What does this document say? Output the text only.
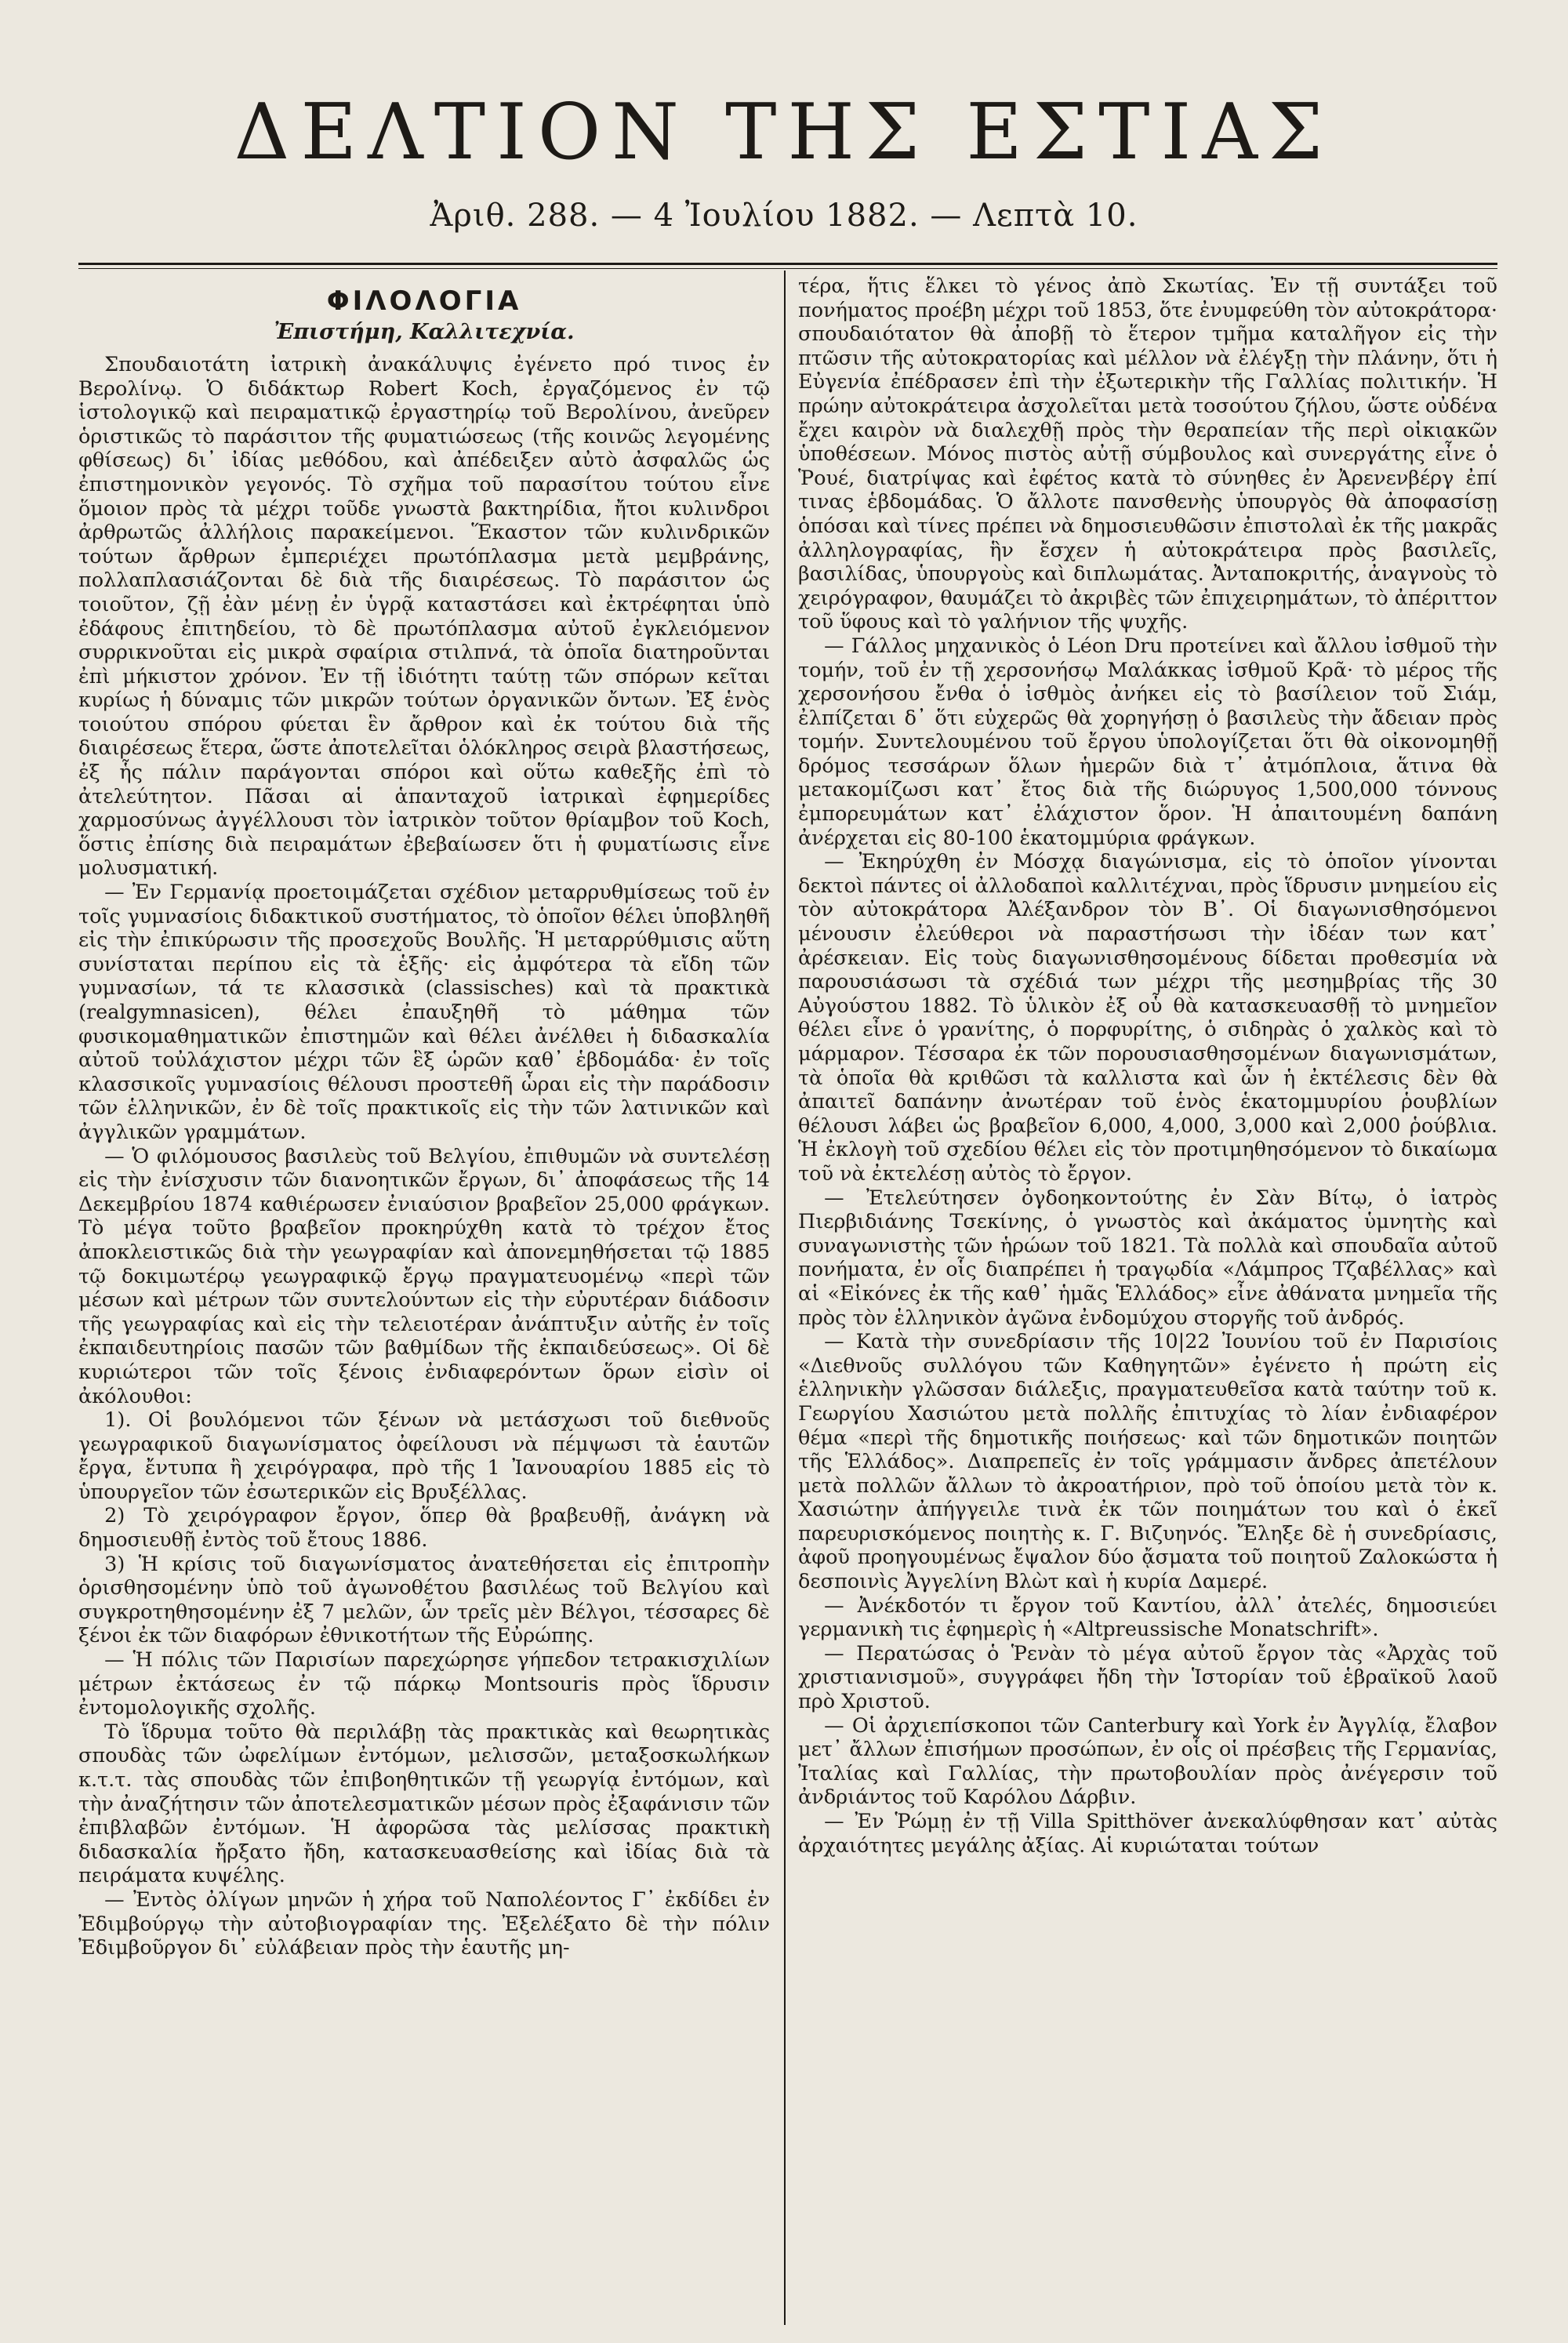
ΔΕΛΤΙΟΝ ΤΗΣ ΕΣΤΙΑΣ
Ἀριθ. 288. — 4 Ἰουλίου 1882. — Λεπτὰ 10.
ΦΙΛΟΛΟΓΙΑ
Ἐπιστήμη, Καλλιτεχνία.

Σπουδαιοτάτη ἰατρικὴ ἀνακάλυψις ἐγένετο πρό τινος ἐν Βερολίνῳ. Ὁ διδάκτωρ Robert Koch, ἐργαζόμενος ἐν τῷ ἱστολογικῷ καὶ πειραματικῷ ἐργαστηρίῳ τοῦ Βερολίνου, ἀνεῦρεν ὁριστικῶς τὸ παράσιτον τῆς φυματιώσεως (τῆς κοινῶς λεγομένης φθίσεως) δι᾽ ἰδίας μεθόδου, καὶ ἀπέδειξεν αὐτὸ ἀσφαλῶς ὡς ἐπιστημονικὸν γεγονός. Τὸ σχῆμα τοῦ παρασίτου τούτου εἶνε ὅμοιον πρὸς τὰ μέχρι τοῦδε γνωστὰ βακτηρίδια, ἤτοι κυλινδροι ἀρθρωτῶς ἀλλήλοις παρακείμενοι. Ἕκαστον τῶν κυλινδρικῶν τούτων ἄρθρων ἐμπεριέχει πρωτόπλασμα μετὰ μεμβράνης, πολλαπλασιάζονται δὲ διὰ τῆς διαιρέσεως. Τὸ παράσιτον ὡς τοιοῦτον, ζῇ ἐὰν μένῃ ἐν ὑγρᾷ καταστάσει καὶ ἐκτρέφηται ὑπὸ ἐδάφους ἐπιτηδείου, τὸ δὲ πρωτόπλασμα αὐτοῦ ἐγκλειόμενον συρρικνοῦται εἰς μικρὰ σφαίρια στιλπνά, τὰ ὁποῖα διατηροῦνται ἐπὶ μήκιστον χρόνον. Ἐν τῇ ἰδιότητι ταύτῃ τῶν σπόρων κεῖται κυρίως ἡ δύναμις τῶν μικρῶν τούτων ὀργανικῶν ὄντων. Ἐξ ἑνὸς τοιούτου σπόρου φύεται ἓν ἄρθρον καὶ ἐκ τούτου διὰ τῆς διαιρέσεως ἕτερα, ὥστε ἀποτελεῖται ὁλόκληρος σειρὰ βλαστήσεως, ἐξ ἧς πάλιν παράγονται σπόροι καὶ οὕτω καθεξῆς ἐπὶ τὸ ἀτελεύτητον. Πᾶσαι αἱ ἁπανταχοῦ ἰατρικαὶ ἐφημερίδες χαρμοσύνως ἀγγέλλουσι τὸν ἰατρικὸν τοῦτον θρίαμβον τοῦ Koch, ὅστις ἐπίσης διὰ πειραμάτων ἐβεβαίωσεν ὅτι ἡ φυματίωσις εἶνε μολυσματική.

— Ἐν Γερμανίᾳ προετοιμάζεται σχέδιον μεταρρυθμίσεως τοῦ ἐν τοῖς γυμνασίοις διδακτικοῦ συστήματος, τὸ ὁποῖον θέλει ὑποβληθῆ εἰς τὴν ἐπικύρωσιν τῆς προσεχοῦς Βουλῆς. Ἡ μεταρρύθμισις αὕτη συνίσταται περίπου εἰς τὰ ἑξῆς· εἰς ἀμφότερα τὰ εἴδη τῶν γυμνασίων, τά τε κλασσικὰ (classisches) καὶ τὰ πρακτικὰ (realgymnasicen), θέλει ἐπαυξηθῆ τὸ μάθημα τῶν φυσικομαθηματικῶν ἐπιστημῶν καὶ θέλει ἀνέλθει ἡ διδασκαλία αὐτοῦ τοὐλάχιστον μέχρι τῶν ἓξ ὡρῶν καθ᾽ ἑβδομάδα· ἐν τοῖς κλασσικοῖς γυμνασίοις θέλουσι προστεθῆ ὧραι εἰς τὴν παράδοσιν τῶν ἑλληνικῶν, ἐν δὲ τοῖς πρακτικοῖς εἰς τὴν τῶν λατινικῶν καὶ ἀγγλικῶν γραμμάτων.

— Ὁ φιλόμουσος βασιλεὺς τοῦ Βελγίου, ἐπιθυμῶν νὰ συντελέσῃ εἰς τὴν ἐνίσχυσιν τῶν διανοητικῶν ἔργων, δι᾽ ἀποφάσεως τῆς 14 Δεκεμβρίου 1874 καθιέρωσεν ἐνιαύσιον βραβεῖον 25,000 φράγκων. Τὸ μέγα τοῦτο βραβεῖον προκηρύχθη κατὰ τὸ τρέχον ἔτος ἀποκλειστικῶς διὰ τὴν γεωγραφίαν καὶ ἀπονεμηθήσεται τῷ 1885 τῷ δοκιμωτέρῳ γεωγραφικῷ ἔργῳ πραγματευομένῳ «περὶ τῶν μέσων καὶ μέτρων τῶν συντελούντων εἰς τὴν εὐρυτέραν διάδοσιν τῆς γεωγραφίας καὶ εἰς τὴν τελειοτέραν ἀνάπτυξιν αὐτῆς ἐν τοῖς ἐκπαιδευτηρίοις πασῶν τῶν βαθμίδων τῆς ἐκπαιδεύσεως». Οἱ δὲ κυριώτεροι τῶν τοῖς ξένοις ἐνδιαφερόντων ὅρων εἰσὶν οἱ ἀκόλουθοι:

1). Οἱ βουλόμενοι τῶν ξένων νὰ μετάσχωσι τοῦ διεθνοῦς γεωγραφικοῦ διαγωνίσματος ὀφείλουσι νὰ πέμψωσι τὰ ἑαυτῶν ἔργα, ἔντυπα ἢ χειρόγραφα, πρὸ τῆς 1 Ἰανουαρίου 1885 εἰς τὸ ὑπουργεῖον τῶν ἐσωτερικῶν εἰς Βρυξέλλας.

2) Τὸ χειρόγραφον ἔργον, ὅπερ θὰ βραβευθῇ, ἀνάγκη νὰ δημοσιευθῇ ἐντὸς τοῦ ἔτους 1886.

3) Ἡ κρίσις τοῦ διαγωνίσματος ἀνατεθήσεται εἰς ἐπιτροπὴν ὁρισθησομένην ὑπὸ τοῦ ἀγωνοθέτου βασιλέως τοῦ Βελγίου καὶ συγκροτηθησομένην ἐξ 7 μελῶν, ὧν τρεῖς μὲν Βέλγοι, τέσσαρες δὲ ξένοι ἐκ τῶν διαφόρων ἐθνικοτήτων τῆς Εὐρώπης.

— Ἡ πόλις τῶν Παρισίων παρεχώρησε γήπεδον τετρακισχιλίων μέτρων ἐκτάσεως ἐν τῷ πάρκῳ Montsouris πρὸς ἵδρυσιν ἐντομολογικῆς σχολῆς.

Τὸ ἵδρυμα τοῦτο θὰ περιλάβῃ τὰς πρακτικὰς καὶ θεωρητικὰς σπουδὰς τῶν ὠφελίμων ἐντόμων, μελισσῶν, μεταξοσκωλήκων κ.τ.τ. τὰς σπουδὰς τῶν ἐπιβοηθητικῶν τῇ γεωργίᾳ ἐντόμων, καὶ τὴν ἀναζήτησιν τῶν ἀποτελεσματικῶν μέσων πρὸς ἐξαφάνισιν τῶν ἐπιβλαβῶν ἐντόμων. Ἡ ἀφορῶσα τὰς μελίσσας πρακτικὴ διδασκαλία ἤρξατο ἤδη, κατασκευασθείσης καὶ ἰδίας διὰ τὰ πειράματα κυψέλης.

— Ἐντὸς ὀλίγων μηνῶν ἡ χήρα τοῦ Ναπολέοντος Γ᾽ ἐκδίδει ἐν Ἐδιμβούργῳ τὴν αὐτοβιογραφίαν της. Ἐξελέξατο δὲ τὴν πόλιν Ἐδιμβοῦργον δι᾽ εὐλάβειαν πρὸς τὴν ἑαυτῆς μη-

τέρα, ἥτις ἕλκει τὸ γένος ἀπὸ Σκωτίας. Ἐν τῇ συντάξει τοῦ πονήματος προέβη μέχρι τοῦ 1853, ὅτε ἐνυμφεύθη τὸν αὐτοκράτορα· σπουδαιότατον θὰ ἀποβῇ τὸ ἕτερον τμῆμα καταλῆγον εἰς τὴν πτῶσιν τῆς αὐτοκρατορίας καὶ μέλλον νὰ ἐλέγξῃ τὴν πλάνην, ὅτι ἡ Εὐγενία ἐπέδρασεν ἐπὶ τὴν ἐξωτερικὴν τῆς Γαλλίας πολιτικήν. Ἡ πρώην αὐτοκράτειρα ἀσχολεῖται μετὰ τοσούτου ζήλου, ὥστε οὐδένα ἔχει καιρὸν νὰ διαλεχθῇ πρὸς τὴν θεραπείαν τῆς περὶ οἰκιακῶν ὑποθέσεων. Μόνος πιστὸς αὐτῇ σύμβουλος καὶ συνεργάτης εἶνε ὁ Ῥουέ, διατρίψας καὶ ἐφέτος κατὰ τὸ σύνηθες ἐν Ἀρενενβέργ ἐπί τινας ἑβδομάδας. Ὁ ἄλλοτε πανσθενὴς ὑπουργὸς θὰ ἀποφασίσῃ ὁπόσαι καὶ τίνες πρέπει νὰ δημοσιευθῶσιν ἐπιστολαὶ ἐκ τῆς μακρᾶς ἀλληλογραφίας, ἣν ἔσχεν ἡ αὐτοκράτειρα πρὸς βασιλεῖς, βασιλίδας, ὑπουργοὺς καὶ διπλωμάτας. Ἀνταποκριτής, ἀναγνοὺς τὸ χειρόγραφον, θαυμάζει τὸ ἀκριβὲς τῶν ἐπιχειρημάτων, τὸ ἀπέριττον τοῦ ὕφους καὶ τὸ γαλήνιον τῆς ψυχῆς.

— Γάλλος μηχανικὸς ὁ Léon Dru προτείνει καὶ ἄλλου ἰσθμοῦ τὴν τομήν, τοῦ ἐν τῇ χερσονήσῳ Μαλάκκας ἰσθμοῦ Κρᾶ· τὸ μέρος τῆς χερσονήσου ἔνθα ὁ ἰσθμὸς ἀνήκει εἰς τὸ βασίλειον τοῦ Σιάμ, ἐλπίζεται δ᾽ ὅτι εὐχερῶς θὰ χορηγήσῃ ὁ βασιλεὺς τὴν ἄδειαν πρὸς τομήν. Συντελουμένου τοῦ ἔργου ὑπολογίζεται ὅτι θὰ οἰκονομηθῇ δρόμος τεσσάρων ὅλων ἡμερῶν διὰ τ᾽ ἀτμόπλοια, ἅτινα θὰ μετακομίζωσι κατ᾽ ἔτος διὰ τῆς διώρυγος 1,500,000 τόννους ἐμπορευμάτων κατ᾽ ἐλάχιστον ὅρον. Ἡ ἀπαιτουμένη δαπάνη ἀνέρχεται εἰς 80-100 ἑκατομμύρια φράγκων.

— Ἐκηρύχθη ἐν Μόσχᾳ διαγώνισμα, εἰς τὸ ὁποῖον γίνονται δεκτοὶ πάντες οἱ ἀλλοδαποὶ καλλιτέχναι, πρὸς ἵδρυσιν μνημείου εἰς τὸν αὐτοκράτορα Ἀλέξανδρον τὸν Β᾽. Οἱ διαγωνισθησόμενοι μένουσιν ἐλεύθεροι νὰ παραστήσωσι τὴν ἰδέαν των κατ᾽ ἀρέσκειαν. Εἰς τοὺς διαγωνισθησομένους δίδεται προθεσμία νὰ παρουσιάσωσι τὰ σχέδιά των μέχρι τῆς μεσημβρίας τῆς 30 Αὐγούστου 1882. Τὸ ὑλικὸν ἐξ οὗ θὰ κατασκευασθῇ τὸ μνημεῖον θέλει εἶνε ὁ γρανίτης, ὁ πορφυρίτης, ὁ σιδηρὰς ὁ χαλκὸς καὶ τὸ μάρμαρον. Τέσσαρα ἐκ τῶν πορουσιασθησομένων διαγωνισμάτων, τὰ ὁποῖα θὰ κριθῶσι τὰ καλλιστα καὶ ὧν ἡ ἐκτέλεσις δὲν θὰ ἀπαιτεῖ δαπάνην ἀνωτέραν τοῦ ἑνὸς ἑκατομμυρίου ῥουβλίων θέλουσι λάβει ὡς βραβεῖον 6,000, 4,000, 3,000 καὶ 2,000 ῥούβλια. Ἡ ἐκλογὴ τοῦ σχεδίου θέλει εἰς τὸν προτιμηθησόμενον τὸ δικαίωμα τοῦ νὰ ἐκτελέσῃ αὐτὸς τὸ ἔργον.

— Ἐτελεύτησεν ὀγδοηκοντούτης ἐν Σὰν Βίτῳ, ὁ ἰατρὸς Πιερβιδιάνης Τσεκίνης, ὁ γνωστὸς καὶ ἀκάματος ὑμνητὴς καὶ συναγωνιστὴς τῶν ἡρώων τοῦ 1821. Τὰ πολλὰ καὶ σπουδαῖα αὐτοῦ πονήματα, ἐν οἷς διαπρέπει ἡ τραγῳδία «Λάμπρος Τζαβέλλας» καὶ αἱ «Εἰκόνες ἐκ τῆς καθ᾽ ἡμᾶς Ἑλλάδος» εἶνε ἀθάνατα μνημεῖα τῆς πρὸς τὸν ἑλληνικὸν ἀγῶνα ἐνδομύχου στοργῆς τοῦ ἀνδρός.

— Κατὰ τὴν συνεδρίασιν τῆς 10|22 Ἰουνίου τοῦ ἐν Παρισίοις «Διεθνοῦς συλλόγου τῶν Καθηγητῶν» ἐγένετο ἡ πρώτη εἰς ἑλληνικὴν γλῶσσαν διάλεξις, πραγματευθεῖσα κατὰ ταύτην τοῦ κ. Γεωργίου Χασιώτου μετὰ πολλῆς ἐπιτυχίας τὸ λίαν ἐνδιαφέρον θέμα «περὶ τῆς δημοτικῆς ποιήσεως· καὶ τῶν δημοτικῶν ποιητῶν τῆς Ἑλλάδος». Διαπρεπεῖς ἐν τοῖς γράμμασιν ἄνδρες ἀπετέλουν μετὰ πολλῶν ἄλλων τὸ ἀκροατήριον, πρὸ τοῦ ὁποίου μετὰ τὸν κ. Χασιώτην ἀπήγγειλε τινὰ ἐκ τῶν ποιημάτων του καὶ ὁ ἐκεῖ παρευρισκόμενος ποιητὴς κ. Γ. Βιζυηνός. Ἔληξε δὲ ἡ συνεδρίασις, ἀφοῦ προηγουμένως ἔψαλον δύο ᾄσματα τοῦ ποιητοῦ Ζαλοκώστα ἡ δεσποινὶς Ἀγγελίνη Βλὼτ καὶ ἡ κυρία Δαμερέ.

— Ἀνέκδοτόν τι ἔργον τοῦ Καντίου, ἀλλ᾽ ἀτελές, δημοσιεύει γερμανικὴ τις ἐφημερὶς ἡ «Altpreussische Monatschrift».

— Περατώσας ὁ Ῥενὰν τὸ μέγα αὐτοῦ ἔργον τὰς «Ἀρχὰς τοῦ χριστιανισμοῦ», συγγράφει ἤδη τὴν Ἱστορίαν τοῦ ἑβραϊκοῦ λαοῦ πρὸ Χριστοῦ.

— Οἱ ἀρχιεπίσκοποι τῶν Canterbury καὶ York ἐν Ἀγγλίᾳ, ἔλαβον μετ᾽ ἄλλων ἐπισήμων προσώπων, ἐν οἷς οἱ πρέσβεις τῆς Γερμανίας, Ἰταλίας καὶ Γαλλίας, τὴν πρωτοβουλίαν πρὸς ἀνέγερσιν τοῦ ἀνδριάντος τοῦ Καρόλου Δάρβιν.

— Ἐν Ῥώμῃ ἐν τῇ Villa Spitthöver ἀνεκαλύφθησαν κατ᾽ αὐτὰς ἀρχαιότητες μεγάλης ἀξίας. Αἱ κυριώταται τούτων
